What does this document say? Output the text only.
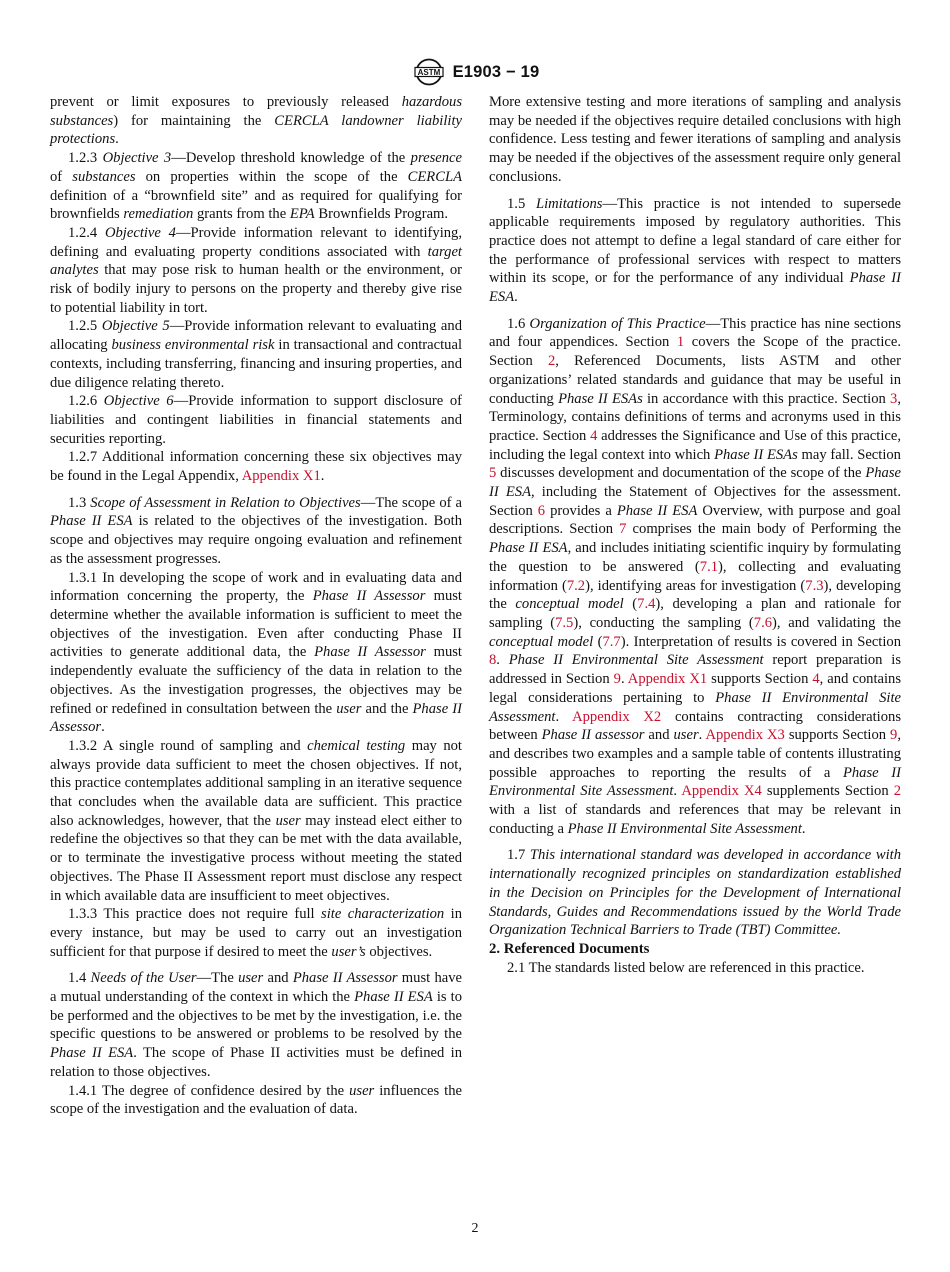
ASTM E1903 − 19

prevent or limit exposures to previously released hazardous substances) for maintaining the CERCLA landowner liability protections.

1.2.3 Objective 3—Develop threshold knowledge of the presence of substances on properties within the scope of the CERCLA definition of a “brownfield site” and as required for qualifying for brownfields remediation grants from the EPA Brownfields Program.

1.2.4 Objective 4—Provide information relevant to identifying, defining and evaluating property conditions associated with target analytes that may pose risk to human health or the environment, or risk of bodily injury to persons on the property and thereby give rise to potential liability in tort.

1.2.5 Objective 5—Provide information relevant to evaluating and allocating business environmental risk in transactional and contractual contexts, including transferring, financing and insuring properties, and due diligence relating thereto.

1.2.6 Objective 6—Provide information to support disclosure of liabilities and contingent liabilities in financial statements and securities reporting.

1.2.7 Additional information concerning these six objectives may be found in the Legal Appendix, Appendix X1.

1.3 Scope of Assessment in Relation to Objectives—The scope of a Phase II ESA is related to the objectives of the investigation. Both scope and objectives may require ongoing evaluation and refinement as the assessment progresses.

1.3.1 In developing the scope of work and in evaluating data and information concerning the property, the Phase II Assessor must determine whether the available information is sufficient to meet the objectives of the investigation. Even after conducting Phase II activities to generate additional data, the Phase II Assessor must independently evaluate the sufficiency of the data in relation to the objectives. As the investigation progresses, the objectives may be refined or redefined in consultation between the user and the Phase II Assessor.

1.3.2 A single round of sampling and chemical testing may not always provide data sufficient to meet the chosen objectives. If not, this practice contemplates additional sampling in an iterative sequence that concludes when the available data are sufficient. This practice also acknowledges, however, that the user may instead elect either to redefine the objectives so that they can be met with the data available, or to terminate the investigative process without meeting the stated objectives. The Phase II Assessment report must disclose any respect in which available data are insufficient to meet objectives.

1.3.3 This practice does not require full site characterization in every instance, but may be used to carry out an investigation sufficient for that purpose if desired to meet the user’s objectives.

1.4 Needs of the User—The user and Phase II Assessor must have a mutual understanding of the context in which the Phase II ESA is to be performed and the objectives to be met by the investigation, i.e. the specific questions to be answered or problems to be resolved by the Phase II ESA. The scope of Phase II activities must be defined in relation to those objectives.

1.4.1 The degree of confidence desired by the user influences the scope of the investigation and the evaluation of data.

More extensive testing and more iterations of sampling and analysis may be needed if the objectives require detailed conclusions with high confidence. Less testing and fewer iterations of sampling and analysis may be needed if the objectives of the assessment require only general conclusions.

1.5 Limitations—This practice is not intended to supersede applicable requirements imposed by regulatory authorities. This practice does not attempt to define a legal standard of care either for the performance of professional services with respect to matters within its scope, or for the performance of any individual Phase II ESA.

1.6 Organization of This Practice—This practice has nine sections and four appendices. Section 1 covers the Scope of the practice. Section 2, Referenced Documents, lists ASTM and other organizations’ related standards and guidance that may be useful in conducting Phase II ESAs in accordance with this practice. Section 3, Terminology, contains definitions of terms and acronyms used in this practice. Section 4 addresses the Significance and Use of this practice, including the legal context into which Phase II ESAs may fall. Section 5 discusses development and documentation of the scope of the Phase II ESA, including the Statement of Objectives for the assessment. Section 6 provides a Phase II ESA Overview, with purpose and goal descriptions. Section 7 comprises the main body of Performing the Phase II ESA, and includes initiating scientific inquiry by formulating the question to be answered (7.1), collecting and evaluating information (7.2), identifying areas for investigation (7.3), developing the conceptual model (7.4), developing a plan and rationale for sampling (7.5), conducting the sampling (7.6), and validating the conceptual model (7.7). Interpretation of results is covered in Section 8. Phase II Environmental Site Assessment report preparation is addressed in Section 9. Appendix X1 supports Section 4, and contains legal considerations pertaining to Phase II Environmental Site Assessment. Appendix X2 contains contracting considerations between Phase II assessor and user. Appendix X3 supports Section 9, and describes two examples and a sample table of contents illustrating possible approaches to reporting the results of a Phase II Environmental Site Assessment. Appendix X4 supplements Section 2 with a list of standards and references that may be relevant in conducting a Phase II Environmental Site Assessment.

1.7 This international standard was developed in accordance with internationally recognized principles on standardization established in the Decision on Principles for the Development of International Standards, Guides and Recommendations issued by the World Trade Organization Technical Barriers to Trade (TBT) Committee.

2. Referenced Documents

2.1 The standards listed below are referenced in this practice.

2
